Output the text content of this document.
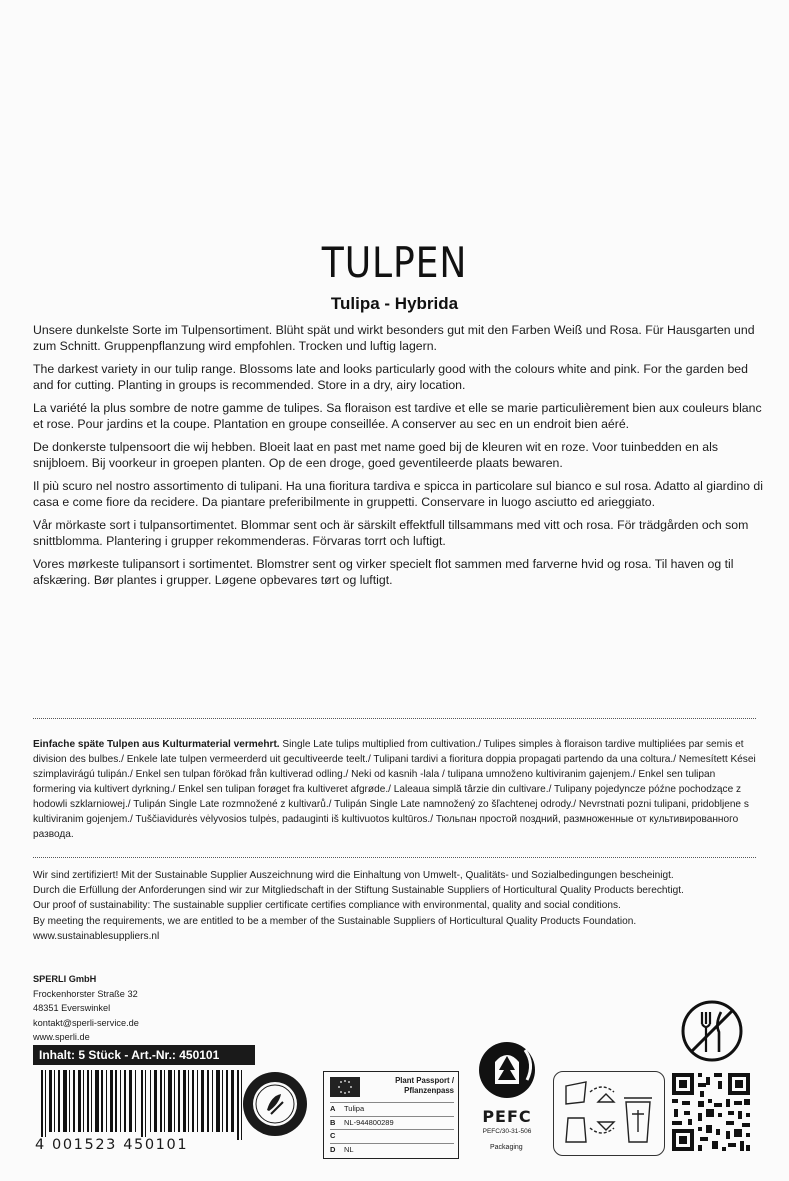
TULPEN
Tulipa - Hybrida

Unsere dunkelste Sorte im Tulpensortiment. Blüht spät und wirkt besonders gut mit den Farben Weiß und Rosa. Für Hausgarten und zum Schnitt. Gruppenpflanzung wird empfohlen. Trocken und luftig lagern.

The darkest variety in our tulip range. Blossoms late and looks particularly good with the colours white and pink. For the garden bed and for cutting. Planting in groups is recommended. Store in a dry, airy location.

La variété la plus sombre de notre gamme de tulipes. Sa floraison est tardive et elle se marie particulièrement bien aux couleurs blanc et rose. Pour jardins et la coupe. Plantation en groupe conseillée. A conserver au sec en un endroit bien aéré.

De donkerste tulpensoort die wij hebben. Bloeit laat en past met name goed bij de kleuren wit en roze. Voor tuinbedden en als snijbloem. Bij voorkeur in groepen planten. Op de een droge, goed geventileerde plaats bewaren.

Il più scuro nel nostro assortimento di tulipani. Ha una fioritura tardiva e spicca in particolare sul bianco e sul rosa. Adatto al giardino di casa e come fiore da recidere. Da piantare preferibilmente in gruppetti. Conservare in luogo asciutto ed arieggiato.

Vår mörkaste sort i tulpansortimentet. Blommar sent och är särskilt effektfull tillsammans med vitt och rosa. För trädgården och som snittblomma. Plantering i grupper rekommenderas. Förvaras torrt och luftigt.

Vores mørkeste tulipansort i sortimentet. Blomstrer sent og virker specielt flot sammen med farverne hvid og rosa. Til haven og til afskæring. Bør plantes i grupper. Løgene opbevares tørt og luftigt.

Einfache späte Tulpen aus Kulturmaterial vermehrt. Single Late tulips multiplied from cultivation./ Tulipes simples à floraison tardive multipliées par semis et division des bulbes./ Enkele late tulpen vermeerderd uit gecultiveerde teelt./ Tulipani tardivi a fioritura doppia propagati partendo da una coltura./ Nemesített Kései szimplavirágú tulipán./ Enkel sen tulpan förökad från kultiverad odling./ Neki od kasnih -lala / tulipana umnoženo kultiviranim gajenjem./ Enkel sen tulipan formering via kultivert dyrkning./ Enkel sen tulipan forøget fra kultiveret afgrøde./ Laleaua simplă târzie din cultivare./ Tulipany pojedyncze późne pochodzące z hodowli szklarniowej./ Tulipán Single Late rozmnožené z kultivarů./ Tulipán Single Late namnožený zo šľachtenej odrody./ Nevrstnati pozni tulipani, pridobljene s kultiviranim gojenjem./ Tuščiavidurės vėlyvosios tulpės, padauginti iš kultivuotos kultūros./ Тюльпан простой поздний, размноженные от культивированного развода.
Wir sind zertifiziert! Mit der Sustainable Supplier Auszeichnung wird die Einhaltung von Umwelt-, Qualitäts- und Sozialbedingungen bescheinigt.
Durch die Erfüllung der Anforderungen sind wir zur Mitgliedschaft in der Stiftung Sustainable Suppliers of Horticultural Quality Products berechtigt.
Our proof of sustainability: The sustainable supplier certificate certifies compliance with environmental, quality and social conditions.
By meeting the requirements, we are entitled to be a member of the Sustainable Suppliers of Horticultural Quality Products Foundation.
www.sustainablesuppliers.nl
SPERLI GmbH
Frockenhorster Straße 32
48351 Everswinkel
kontakt@sperli-service.de
www.sperli.de
Inhalt: 5 Stück - Art.-Nr.: 450101
4 001523 450101
Plant Passport /
Pflanzenpass
A	Tulipa
B	NL-944800289
C
D	NL
PEFC
PEFC/30-31-506
Packaging
